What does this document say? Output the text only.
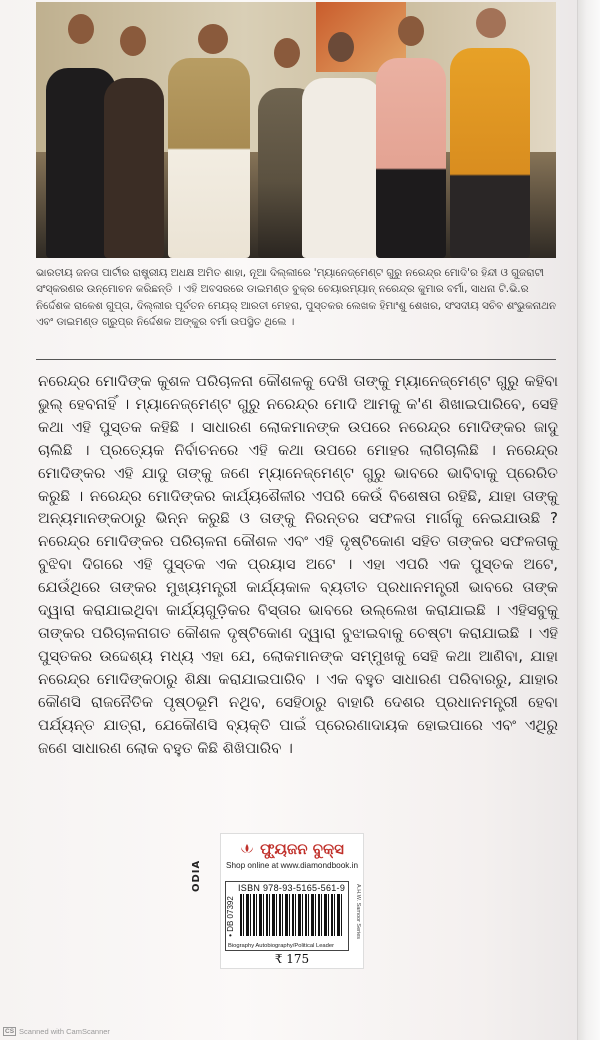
ଭାରତୀୟ ଜନତା ପାର୍ଟୀର ରାଷ୍ଟ୍ରୀୟ ଅଧକ୍ଷ ଅମିତ ଶାହା, ନୂଆ ଦିଲ୍ଲୀରେ 'ମ୍ୟାନେଜ୍‌ମେଣ୍ଟ ଗୁରୁ ନରେନ୍ଦ୍ର ମୋଦି'ର ହିନ୍ଦୀ ଓ ଗୁଜରାଟୀ ସଂସ୍କରଣର ଉନ୍ମୋଚନ କରିଛନ୍ତି । ଏହି ଅବସରରେ ଡାଇମଣ୍ଡ ବୁକ୍‌ର ଚେୟାରମ୍ୟାନ୍ ନରେନ୍ଦ୍ର କୁମାର ବର୍ମା, ସାଧନା ଟି.ଭି.ର ନିର୍ଦ୍ଦେଶକ ରାକେଶ ଗୁପ୍ତା, ଦିଲ୍ଲୀର ପୂର୍ବତନ ମେୟର୍ ଆରତୀ ମେହରା, ପୁସ୍ତକର ଲେଖକ ହିମାଂଶୁ ଶେଖର, ସଂସଦୀୟ ସଚିବ ଶଂଭୁକନାଥନ ଏବଂ ଡାଇମଣ୍ଡ ଗ୍ରୁପ୍‌ର ନିର୍ଦ୍ଦେଶକ ଅଙ୍କୁର ବର୍ମା ଉପସ୍ଥିତ ଥିଲେ ।
ନରେନ୍ଦ୍ର ମୋଦିଙ୍କ କୁଶଳ ପରିଚାଳନା କୌଶଳକୁ ଦେଖି ତାଙ୍କୁ ମ୍ୟାନେଜ୍‌ମେଣ୍ଟ ଗୁରୁ କହିବା ଭୁଲ୍ ହେବନାହିଁ । ମ୍ୟାନେଜ୍‌ମେଣ୍ଟ ଗୁରୁ ନରେନ୍ଦ୍ର ମୋଦି ଆମକୁ କ'ଣ ଶିଖାଇପାରିବେ, ସେହି କଥା ଏହି ପୁସ୍ତକ କହିଛି । ସାଧାରଣ ଲୋକମାନଙ୍କ ଉପରେ ନରେନ୍ଦ୍ର ମୋଦିଙ୍କର ଜାଦୁ ଚାଲିଛି । ପ୍ରତ୍ୟେକ ନିର୍ବାଚନରେ ଏହି କଥା ଉପରେ ମୋହର ଲାଗିଚାଲିଛି । ନରେନ୍ଦ୍ର ମୋଦିଙ୍କର ଏହି ଯାଦୁ ତାଙ୍କୁ ଜଣେ ମ୍ୟାନେଜ୍‌ମେଣ୍ଟ ଗୁରୁ ଭାବରେ ଭାବିବାକୁ ପ୍ରେରିତ କରୁଛି । ନରେନ୍ଦ୍ର ମୋଦିଙ୍କର କାର୍ଯ୍ୟଶୈଳୀର ଏପରି କେଉଁ ବିଶେଷତା ରହିଛି, ଯାହା ତାଙ୍କୁ ଅନ୍ୟମାନଙ୍କଠାରୁ ଭିନ୍ନ କରୁଛି ଓ ତାଙ୍କୁ ନିରନ୍ତର ସଫଳତା ମାର୍ଗକୁ ନେଇଯାଉଛି ? ନରେନ୍ଦ୍ର ମୋଦିଙ୍କର ପରିଚାଳନା କୌଶଳ ଏବଂ ଏହି ଦୃଷ୍ଟିକୋଣ ସହିତ ତାଙ୍କର ସଫଳତାକୁ ବୁଝିବା ଦିଗରେ ଏହି ପୁସ୍ତକ ଏକ ପ୍ରୟାସ ଅଟେ । ଏହା ଏପରି ଏକ ପୁସ୍ତକ ଅଟେ, ଯେଉଁଥିରେ ତାଙ୍କର ମୁଖ୍ୟମନ୍ତ୍ରୀ କାର୍ଯ୍ୟକାଳ ବ୍ୟତୀତ ପ୍ରଧାନମନ୍ତ୍ରୀ ଭାବରେ ତାଙ୍କ ଦ୍ୱାରା କରାଯାଇଥିବା କାର୍ଯ୍ୟଗୁଡ଼ିକର ବିସ୍ତାର ଭାବରେ ଉଲ୍ଲେଖ କରାଯାଇଛି । ଏହିସବୁକୁ ତାଙ୍କର ପରିଚାଳନାଗତ କୌଶଳ ଦୃଷ୍ଟିକୋଣ ଦ୍ୱାରା ବୁଝାଇବାକୁ ଚେଷ୍ଟା କରାଯାଇଛି । ଏହି ପୁସ୍ତକର ଉଦ୍ଦେଶ୍ୟ ମଧ୍ୟ ଏହା ଯେ, ଲୋକମାନଙ୍କ ସମ୍ମୁଖକୁ ସେହି କଥା ଆଣିବା, ଯାହା ନରେନ୍ଦ୍ର ମୋଦିଙ୍କଠାରୁ ଶିକ୍ଷା କରାଯାଇପାରିବ । ଏକ ବହୁତ ସାଧାରଣ ପରିବାରରୁ, ଯାହାର କୌଣସି ରାଜନୈତିକ ପୃଷ୍ଠଭୂମି ନଥିବ, ସେହିଠାରୁ ବାହାରି ଦେଶର ପ୍ରଧାନମନ୍ତ୍ରୀ ହେବା ପର୍ଯ୍ୟନ୍ତ ଯାତ୍ରା, ଯେକୌଣସି ବ୍ୟକ୍ତି ପାଇଁ ପ୍ରେରଣାଦାୟକ ହୋଇପାରେ ଏବଂ ଏଥିରୁ ଜଣେ ସାଧାରଣ ଲୋକ ବହୁତ କିଛି ଶିଖିପାରିବ ।
ODIA
ଫ୍ୟୁଜନ ବୁକ୍ସ
Shop online at www.diamondbook.in
ISBN 978-93-5165-561-9
• DB 07392
Biography Autobiography/Political Leader
A.H.W. Samoor Series
₹ 175
CS Scanned with CamScanner
